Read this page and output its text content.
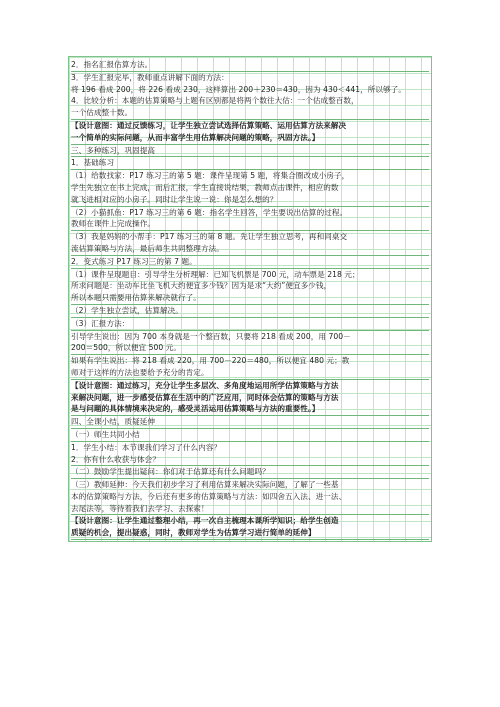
2．指名汇报估算方法。
3．学生汇报完毕，教师重点讲解下面的方法：
将 196 看成 200，将 226 看成 230，这样算出 200＋230＝430，因为 430＜441，所以够了。
4．比较分析：本题的估算策略与上题有区别都是将两个数往大估：一个估成整百数，
一个估成整十数。
【设计意图：通过反馈练习，让学生独立尝试选择估算策略、运用估算方法来解决
一个简单的实际问题，从而丰富学生用估算解决问题的策略，巩固方法。】
三、多种练习，巩固提高
1．基础练习
（1）给数找家：P17 练习三的第 5 题：课件呈现第 5 题，将集合圈改成小房子，
学生先独立在书上完成，而后汇报，学生直接说结果，教师点击课件，相应的数
就飞进相对应的小房子。同时让学生说一说：你是怎么想的？
（2）小猫抓鱼：P17 练习三的第 6 题：指名学生回答，学生要说出估算的过程。
教师在课件上完成操作。
（3）我是妈妈的小帮手：P17 练习三的第 8 题。先让学生独立思考，再和同桌交
流估算策略与方法，最后师生共同整理方法。
2．变式练习 P17 练习三的第 7 题。
（1）课件呈现题目：引导学生分析理解：已知飞机票是 700 元，动车票是 218 元；
所求问题是：坐动车比坐飞机大约便宜多少钱？因为是求“大约”便宜多少钱，
所以本题只需要用估算来解决就行了。
（2）学生独立尝试，估算解决。
（3）汇报方法：
引导学生说出：因为 700 本身就是一个整百数，只要将 218 看成 200，用 700－
200＝500，所以便宜 500 元。
如果有学生说出：将 218 看成 220，用 700－220＝480，所以便宜 480 元；教
师对于这样的方法也要给予充分的肯定。
【设计意图：通过练习，充分让学生多层次、多角度地运用所学估算策略与方法
来解决问题，进一步感受估算在生活中的广泛应用，同时体会估算的策略与方法
是与问题的具体情境来决定的，感受灵活运用估算策略与方法的重要性。】
四、全课小结，质疑延伸
（一）师生共同小结
1．学生小结：本节课我们学习了什么内容？
2．你有什么收获与体会？
（二）鼓励学生提出疑问：你们对于估算还有什么问题吗？
（三）教师延伸：今天我们初步学习了利用估算来解决实际问题，了解了一些基
本的估算策略与方法，今后还有更多的估算策略与方法：如四舍五入法、进一法、
去尾法等，等待着我们去学习、去探索！
【设计意图：让学生通过整理小结，再一次自主梳理本课所学知识；给学生创造
质疑的机会，提出疑惑，同时，教师对学生为估算学习进行简单的延伸】
